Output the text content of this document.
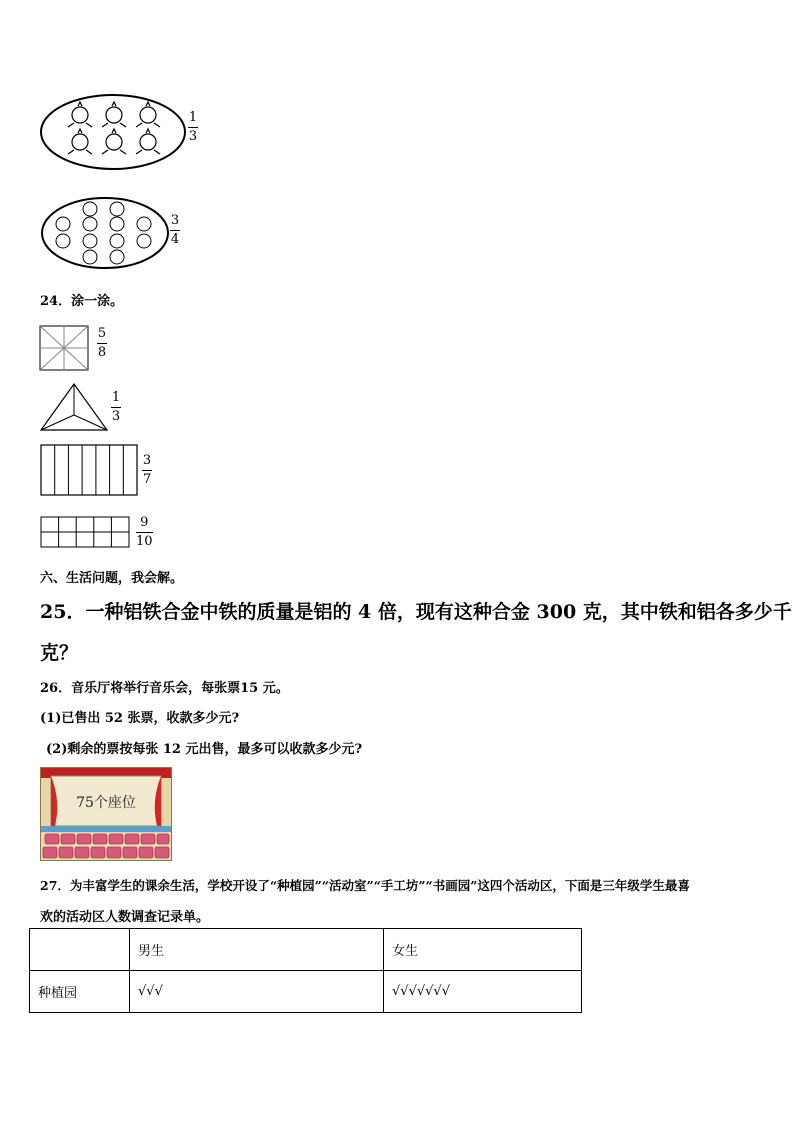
1
3
3
4
24．涂一涂。
5
8
1
3
3
7
9
10
六、生活问题，我会解。
25．一种铝铁合金中铁的质量是铝的 4 倍，现有这种合金 300 克，其中铁和铝各多少千
克？
26．音乐厅将举行音乐会，每张票15 元。
(1)已售出 52 张票，收款多少元?
(2)剩余的票按每张 12 元出售，最多可以收款多少元?
75个座位
27．为丰富学生的课余生活，学校开设了“种植园”“活动室”“手工坊”“书画园”这四个活动区，下面是三年级学生最喜
欢的活动区人数调查记录单。
	男生	女生
种植园	√√√	√√√√√√√
